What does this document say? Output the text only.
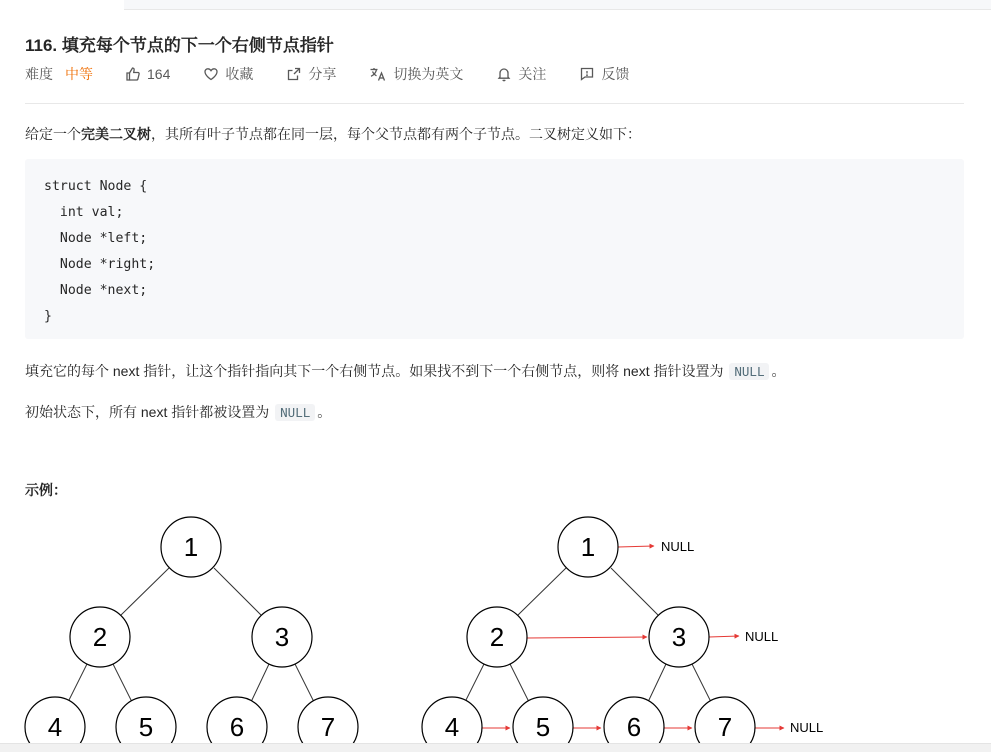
116. 填充每个节点的下一个右侧节点指针
难度 中等	164	收藏	分享	切换为英文	关注	反馈

给定一个完美二叉树，其所有叶子节点都在同一层，每个父节点都有两个子节点。二叉树定义如下：

struct Node {
int val;
Node *left;
Node *right;
Node *next;
}

填充它的每个 next 指针，让这个指针指向其下一个右侧节点。如果找不到下一个右侧节点，则将 next 指针设置为 NULL 。

初始状态下，所有 next 指针都被设置为 NULL 。

示例：

1
2	3
4	5	6	7
1
2	3
4	5	6	7
NULL
NULL
NULL
